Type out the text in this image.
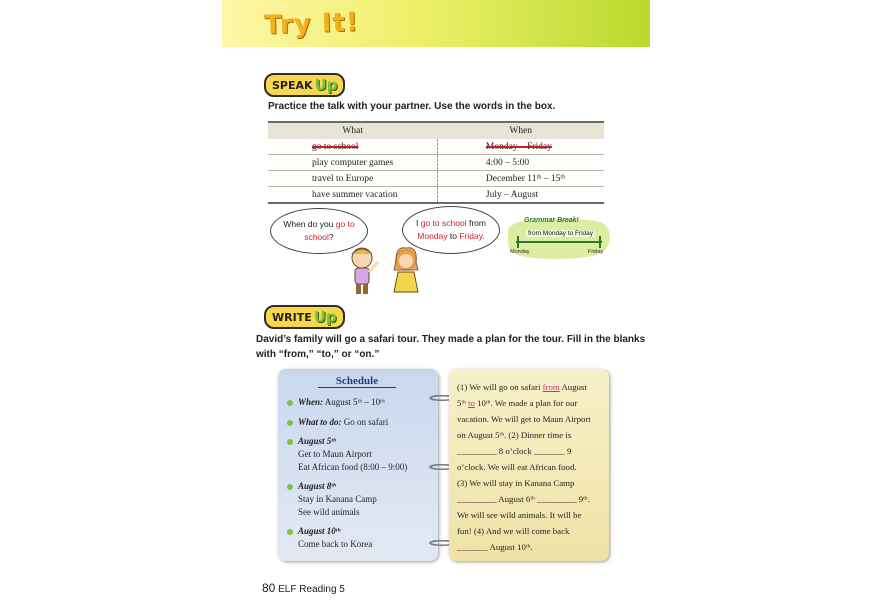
Try It!
SPEAK Up
Practice the talk with your partner. Use the words in the box.
What	When
go to school	Monday – Friday
play computer games	4:00 – 5:00
travel to Europe	December 11ᵗʰ – 15ᵗʰ
have summer vacation	July – August
When do you go to
school?
I go to school from
Monday to Friday.
Grammar Break!
from Monday to Friday
Monday	Friday
WRITE Up
David’s family will go a safari tour. They made a plan for the tour. Fill in the blanks
with “from,” “to,” or “on.”
Schedule
When: August 5ᵗʰ – 10ᵗʰ
What to do: Go on safari
August 5ᵗʰ
Get to Maun Airport
Eat African food (8:00 – 9:00)
August 8ᵗʰ
Stay in Kanana Camp
See wild animals
August 10ᵗʰ
Come back to Korea
(1) We will go on safari from August
5ᵗʰ to 10ᵗʰ. We made a plan for our
vacation. We will get to Maun Airport
on August 5ᵗʰ. (2) Dinner time is
_________ 8 o’clock _______ 9
o’clock. We will eat African food.
(3) We will stay in Kanana Camp
_________ August 6ᵗʰ _________ 9ᵗʰ.
We will see wild animals. It will be
fun! (4) And we will come back
_______ August 10ᵗʰ.
80 ELF Reading 5
